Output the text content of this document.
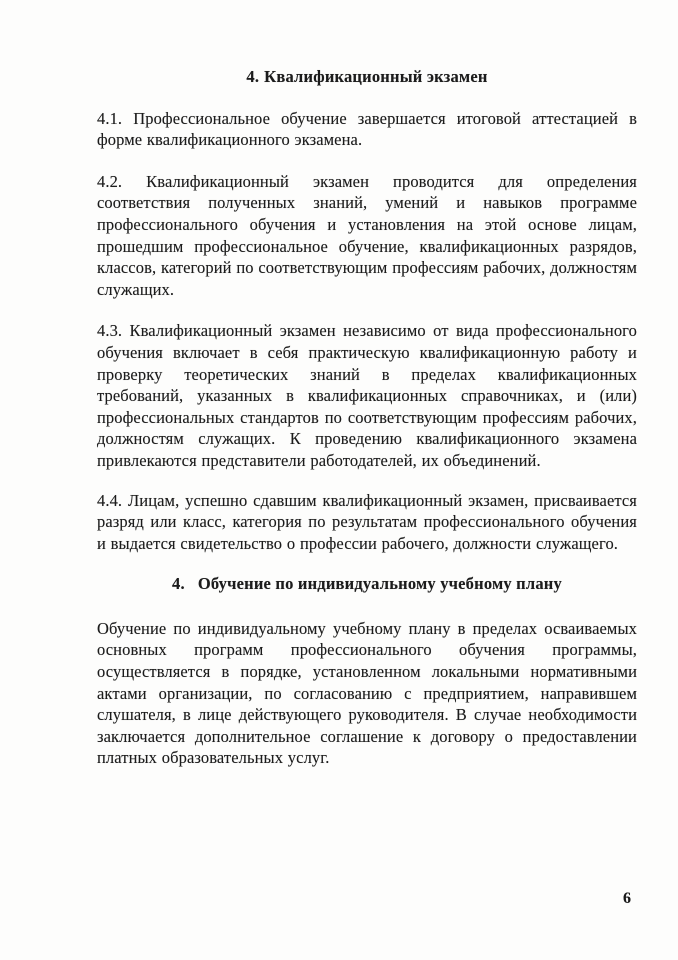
4. Квалификационный экзамен

4.1. Профессиональное обучение завершается итоговой аттестацией в форме квалификационного экзамена.

4.2. Квалификационный экзамен проводится для определения соответствия полученных знаний, умений и навыков программе профессионального обучения и установления на этой основе лицам, прошедшим профессиональное обучение, квалификационных разрядов, классов, категорий по соответствующим профессиям рабочих, должностям служащих.

4.3. Квалификационный экзамен независимо от вида профессионального обучения включает в себя практическую квалификационную работу и проверку теоретических знаний в пределах квалификационных требований, указанных в квалификационных справочниках, и (или) профессиональных стандартов по соответствующим профессиям рабочих, должностям служащих. К проведению квалификационного экзамена привлекаются представители работодателей, их объединений.

4.4. Лицам, успешно сдавшим квалификационный экзамен, присваивается разряд или класс, категория по результатам профессионального обучения и выдается свидетельство о профессии рабочего, должности служащего.

4. Обучение по индивидуальному учебному плану

Обучение по индивидуальному учебному плану в пределах осваиваемых основных программ профессионального обучения программы, осуществляется в порядке, установленном локальными нормативными актами организации, по согласованию с предприятием, направившем слушателя, в лице действующего руководителя. В случае необходимости заключается дополнительное соглашение к договору о предоставлении платных образовательных услуг.

6
